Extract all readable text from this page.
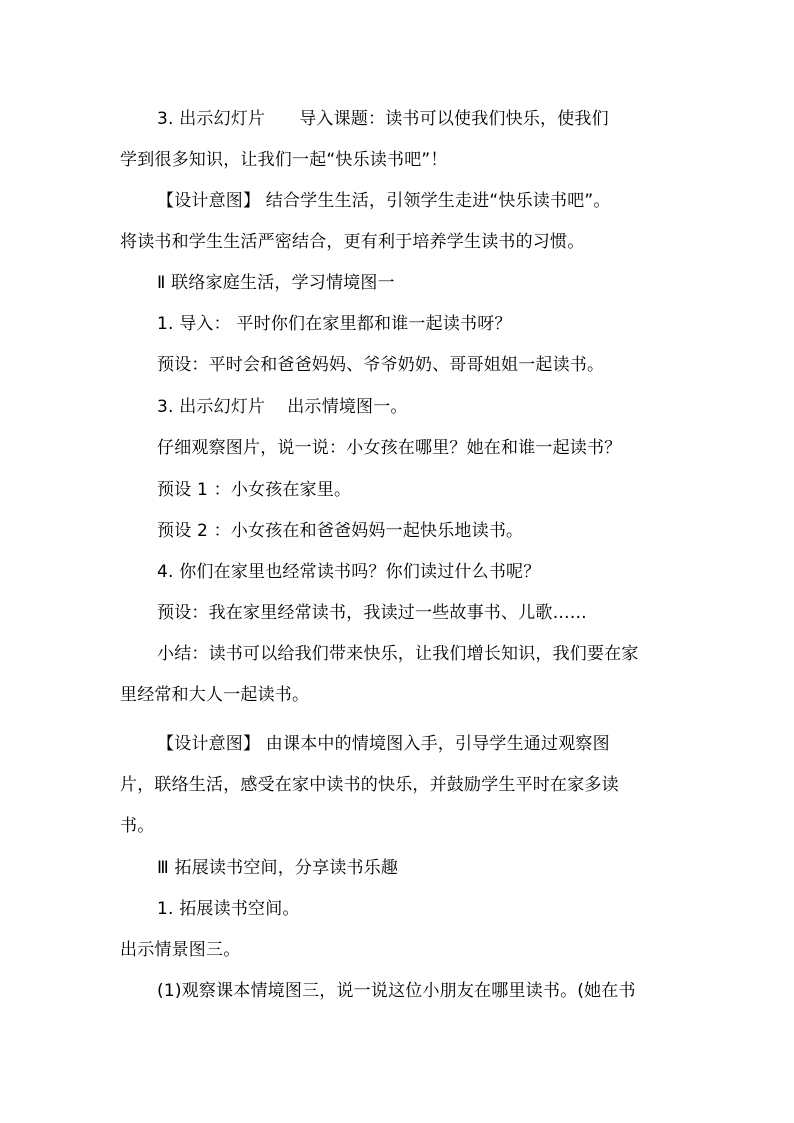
3. 出示幻灯片 导入课题：读书可以使我们快乐，使我们
学到很多知识，让我们一起“快乐读书吧”！
【设计意图】 结合学生生活，引领学生走进“快乐读书吧”。
将读书和学生生活严密结合，更有利于培养学生读书的习惯。
Ⅱ 联络家庭生活，学习情境图一
1. 导入： 平时你们在家里都和谁一起读书呀？
预设：平时会和爸爸妈妈、爷爷奶奶、哥哥姐姐一起读书。
3. 出示幻灯片 出示情境图一。
仔细观察图片，说一说：小女孩在哪里？她在和谁一起读书？
预设 1 ：小女孩在家里。
预设 2 ：小女孩在和爸爸妈妈一起快乐地读书。
4. 你们在家里也经常读书吗？你们读过什么书呢？
预设：我在家里经常读书，我读过一些故事书、儿歌……
小结：读书可以给我们带来快乐，让我们增长知识，我们要在家
里经常和大人一起读书。
【设计意图】 由课本中的情境图入手，引导学生通过观察图
片，联络生活，感受在家中读书的快乐，并鼓励学生平时在家多读
书。
Ⅲ 拓展读书空间，分享读书乐趣
1. 拓展读书空间。
出示情景图三。
(1)观察课本情境图三，说一说这位小朋友在哪里读书。(她在书
